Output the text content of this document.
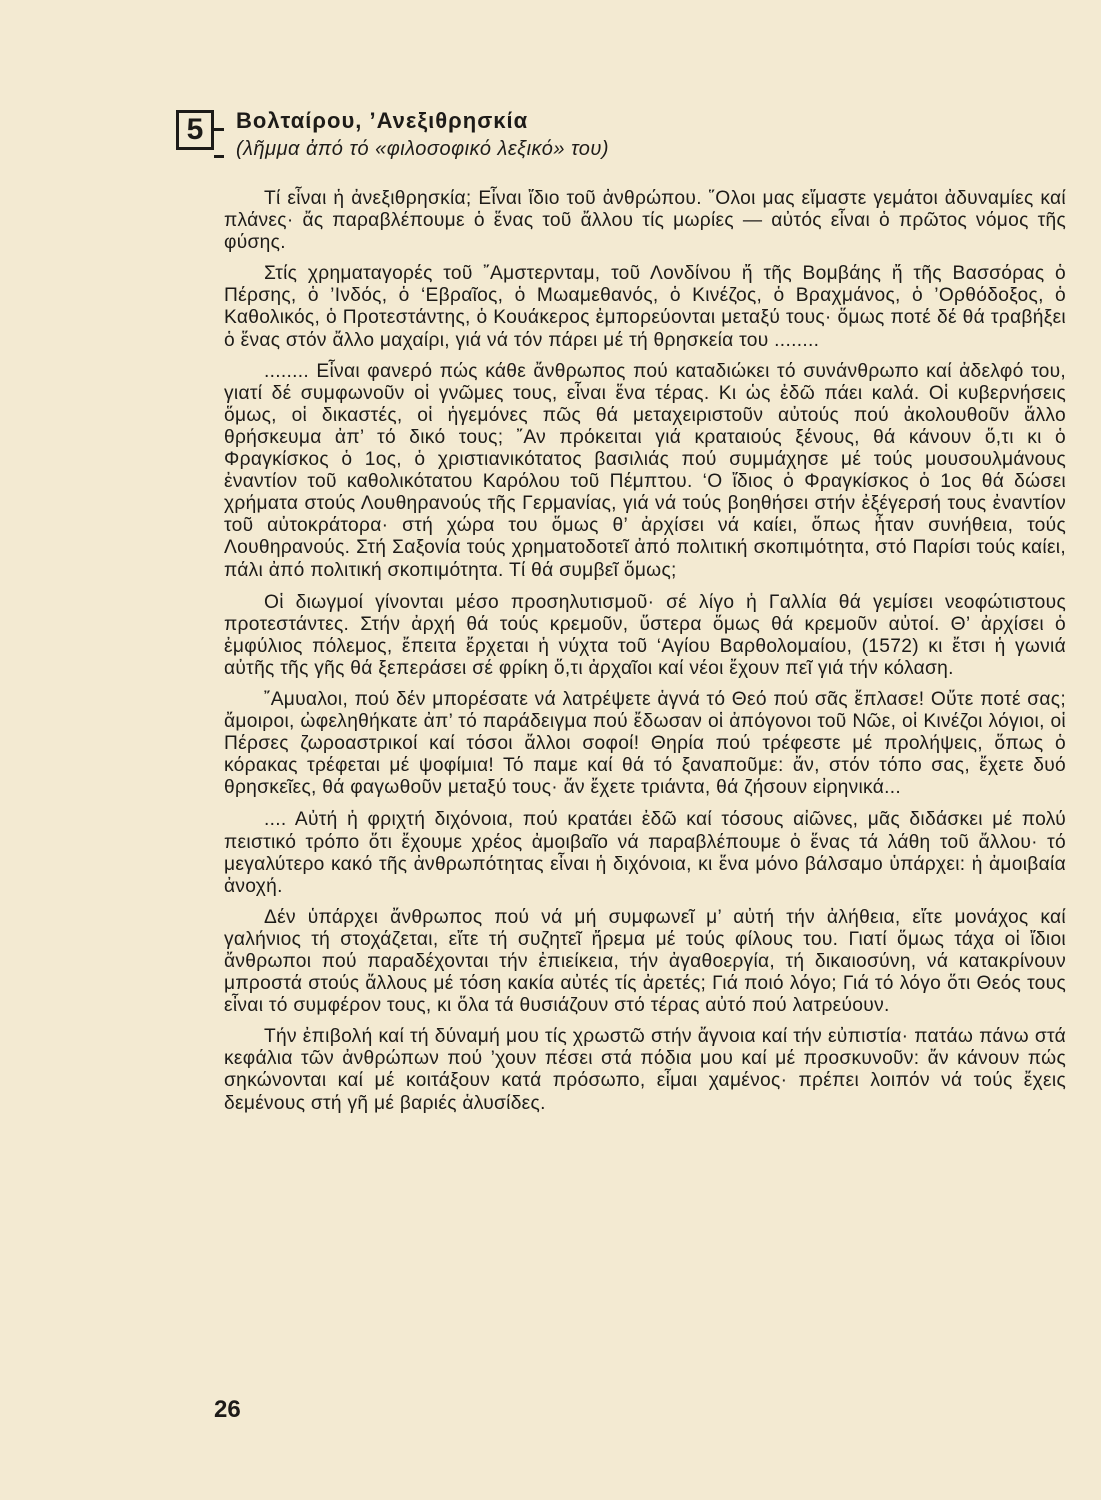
5	Βολταίρου, ’Ανεξιθρησκία
(λῆμμα ἀπό τό «φιλοσοφικό λεξικό» του)

Τί εἶναι ἡ ἀνεξιθρησκία; Εἶναι ἴδιο τοῦ ἀνθρώπου. ῞Ολοι μας εἴμαστε γεμάτοι ἀδυναμίες καί πλάνες· ἄς παραβλέπουμε ὁ ἕνας τοῦ ἄλλου τίς μωρίες — αὐτός εἶναι ὁ πρῶτος νόμος τῆς φύσης.

Στίς χρηματαγορές τοῦ ῎Αμστερνταμ, τοῦ Λονδίνου ἤ τῆς Βομβάης ἤ τῆς Βασσόρας ὁ Πέρσης, ὁ ’Ινδός, ὁ ‘Εβραῖος, ὁ Μωαμεθανός, ὁ Κινέζος, ὁ Βραχμάνος, ὁ ’Ορθόδοξος, ὁ Καθολικός, ὁ Προτεστάντης, ὁ Κουάκερος ἐμπορεύονται μεταξύ τους· ὅμως ποτέ δέ θά τραβήξει ὁ ἕνας στόν ἄλλο μαχαίρι, γιά νά τόν πάρει μέ τή θρησκεία του ........

........ Εἶναι φανερό πώς κάθε ἄνθρωπος πού καταδιώκει τό συνάνθρωπο καί ἀδελφό του, γιατί δέ συμφωνοῦν οἱ γνῶμες τους, εἶναι ἕνα τέρας. Κι ὡς ἐδῶ πάει καλά. Οἱ κυβερνήσεις ὅμως, οἱ δικαστές, οἱ ἡγεμόνες πῶς θά μεταχειριστοῦν αὐτούς πού ἀκολουθοῦν ἄλλο θρήσκευμα ἀπ’ τό δικό τους; ῎Αν πρόκειται γιά κραταιούς ξένους, θά κάνουν ὅ,τι κι ὁ Φραγκίσκος ὁ 1ος, ὁ χριστιανικότατος βασιλιάς πού συμμάχησε μέ τούς μουσουλμάνους ἐναντίον τοῦ καθολικότατου Καρόλου τοῦ Πέμπτου. ‘Ο ἴδιος ὁ Φραγκίσκος ὁ 1ος θά δώσει χρήματα στούς Λουθηρανούς τῆς Γερμανίας, γιά νά τούς βοηθήσει στήν ἐξέγερσή τους ἐναντίον τοῦ αὐτοκράτορα· στή χώρα του ὅμως θ’ ἀρχίσει νά καίει, ὅπως ἦταν συνήθεια, τούς Λουθηρανούς. Στή Σαξονία τούς χρηματοδοτεῖ ἀπό πολιτική σκοπιμότητα, στό Παρίσι τούς καίει, πάλι ἀπό πολιτική σκοπιμότητα. Τί θά συμβεῖ ὅμως;

Οἱ διωγμοί γίνονται μέσο προσηλυτισμοῦ· σέ λίγο ἡ Γαλλία θά γεμίσει νεοφώτιστους προτεστάντες. Στήν ἀρχή θά τούς κρεμοῦν, ὕστερα ὅμως θά κρεμοῦν αὐτοί. Θ’ ἀρχίσει ὁ ἐμφύλιος πόλεμος, ἔπειτα ἔρχεται ἡ νύχτα τοῦ ‘Αγίου Βαρθολομαίου, (1572) κι ἔτσι ἡ γωνιά αὐτῆς τῆς γῆς θά ξεπεράσει σέ φρίκη ὅ,τι ἀρχαῖοι καί νέοι ἔχουν πεῖ γιά τήν κόλαση.

῎Αμυαλοι, πού δέν μπορέσατε νά λατρέψετε ἁγνά τό Θεό πού σᾶς ἔπλασε! Οὔτε ποτέ σας; ἄμοιροι, ὠφεληθήκατε ἀπ’ τό παράδειγμα πού ἔδωσαν οἱ ἀπόγονοι τοῦ Νῶε, οἱ Κινέζοι λόγιοι, οἱ Πέρσες ζωροαστρικοί καί τόσοι ἄλλοι σοφοί! Θηρία πού τρέφεστε μέ προλήψεις, ὅπως ὁ κόρακας τρέφεται μέ ψοφίμια! Τό παμε καί θά τό ξαναποῦμε: ἄν, στόν τόπο σας, ἔχετε δυό θρησκεῖες, θά φαγωθοῦν μεταξύ τους· ἄν ἔχετε τριάντα, θά ζήσουν εἰρηνικά...

.... Αὐτή ἡ φριχτή διχόνοια, πού κρατάει ἐδῶ καί τόσους αἰῶνες, μᾶς διδάσκει μέ πολύ πειστικό τρόπο ὅτι ἔχουμε χρέος ἀμοιβαῖο νά παραβλέπουμε ὁ ἕνας τά λάθη τοῦ ἄλλου· τό μεγαλύτερο κακό τῆς ἀνθρωπότητας εἶναι ἡ διχόνοια, κι ἕνα μόνο βάλσαμο ὑπάρχει: ἡ ἀμοιβαία ἀνοχή.

Δέν ὑπάρχει ἄνθρωπος πού νά μή συμφωνεῖ μ’ αὐτή τήν ἀλήθεια, εἴτε μονάχος καί γαλήνιος τή στοχάζεται, εἴτε τή συζητεῖ ἤρεμα μέ τούς φίλους του. Γιατί ὅμως τάχα οἱ ἴδιοι ἄνθρωποι πού παραδέχονται τήν ἐπιείκεια, τήν ἀγαθοεργία, τή δικαιοσύνη, νά κατακρίνουν μπροστά στούς ἄλλους μέ τόση κακία αὐτές τίς ἀρετές; Γιά ποιό λόγο; Γιά τό λόγο ὅτι Θεός τους εἶναι τό συμφέρον τους, κι ὅλα τά θυσιάζουν στό τέρας αὐτό πού λατρεύουν.

Τήν ἐπιβολή καί τή δύναμή μου τίς χρωστῶ στήν ἄγνοια καί τήν εὐπιστία· πατάω πάνω στά κεφάλια τῶν ἀνθρώπων πού ’χουν πέσει στά πόδια μου καί μέ προσκυνοῦν: ἄν κάνουν πώς σηκώνονται καί μέ κοιτάξουν κατά πρόσωπο, εἶμαι χαμένος· πρέπει λοιπόν νά τούς ἔχεις δεμένους στή γῆ μέ βαριές ἁλυσίδες.

26
